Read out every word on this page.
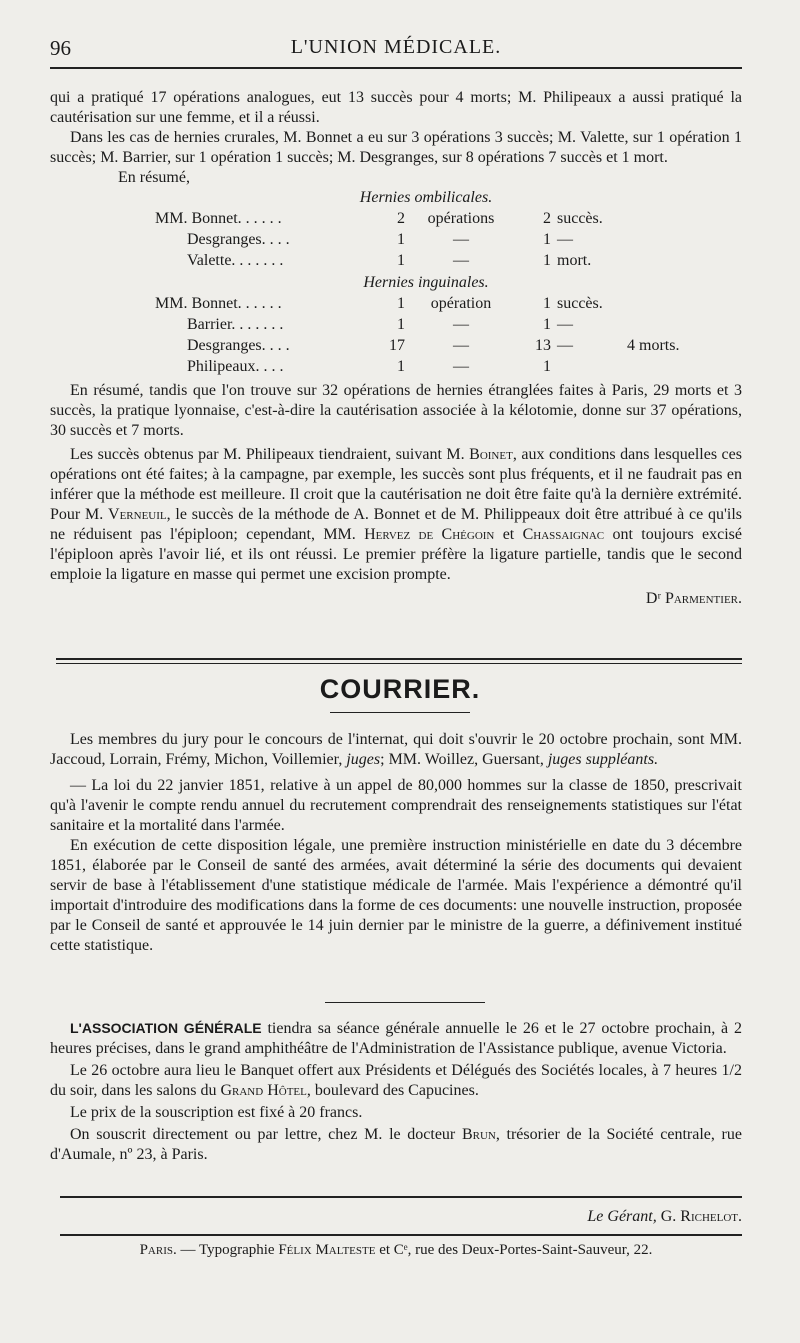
96	L'UNION MÉDICALE.

qui a pratiqué 17 opérations analogues, eut 13 succès pour 4 morts; M. Philipeaux a aussi pratiqué la cautérisation sur une femme, et il a réussi.

Dans les cas de hernies crurales, M. Bonnet a eu sur 3 opérations 3 succès; M. Valette, sur 1 opération 1 succès; M. Barrier, sur 1 opération 1 succès; M. Desgranges, sur 8 opérations 7 succès et 1 mort.

En résumé,

Hernies ombilicales.
MM. Bonnet. . . . . .	2	opérations	2	succès.
Desgranges. . . .	1	—	1	—
Valette. . . . . . .	1	—	1	mort.
Hernies inguinales.
MM. Bonnet. . . . . .	1	opération	1	succès.	
Barrier. . . . . . .	1	—	1	—	
Desgranges. . . .	17	—	13	—	4 morts.
Philipeaux. . . .	1	—	1		

En résumé, tandis que l'on trouve sur 32 opérations de hernies étranglées faites à Paris, 29 morts et 3 succès, la pratique lyonnaise, c'est-à-dire la cautérisation associée à la kélotomie, donne sur 37 opérations, 30 succès et 7 morts.

Les succès obtenus par M. Philipeaux tiendraient, suivant M. Boinet, aux conditions dans lesquelles ces opérations ont été faites; à la campagne, par exemple, les succès sont plus fréquents, et il ne faudrait pas en inférer que la méthode est meilleure. Il croit que la cautérisation ne doit être faite qu'à la dernière extrémité. Pour M. Verneuil, le succès de la méthode de A. Bonnet et de M. Philippeaux doit être attribué à ce qu'ils ne réduisent pas l'épiploon; cependant, MM. Hervez de Chégoin et Chassaignac ont toujours excisé l'épiploon après l'avoir lié, et ils ont réussi. Le premier préfère la ligature partielle, tandis que le second emploie la ligature en masse qui permet une excision prompte.

Dʳ Parmentier.

COURRIER.

Les membres du jury pour le concours de l'internat, qui doit s'ouvrir le 20 octobre prochain, sont MM. Jaccoud, Lorrain, Frémy, Michon, Voillemier, juges; MM. Woillez, Guersant, juges suppléants.

— La loi du 22 janvier 1851, relative à un appel de 80,000 hommes sur la classe de 1850, prescrivait qu'à l'avenir le compte rendu annuel du recrutement comprendrait des renseignements statistiques sur l'état sanitaire et la mortalité dans l'armée.

En exécution de cette disposition légale, une première instruction ministérielle en date du 3 décembre 1851, élaborée par le Conseil de santé des armées, avait déterminé la série des documents qui devaient servir de base à l'établissement d'une statistique médicale de l'armée. Mais l'expérience a démontré qu'il importait d'introduire des modifications dans la forme de ces documents: une nouvelle instruction, proposée par le Conseil de santé et approuvée le 14 juin dernier par le ministre de la guerre, a définivement institué cette statistique.

L'ASSOCIATION GÉNÉRALE tiendra sa séance générale annuelle le 26 et le 27 octobre prochain, à 2 heures précises, dans le grand amphithéâtre de l'Administration de l'Assistance publique, avenue Victoria.

Le 26 octobre aura lieu le Banquet offert aux Présidents et Délégués des Sociétés locales, à 7 heures 1/2 du soir, dans les salons du Grand Hôtel, boulevard des Capucines.

Le prix de la souscription est fixé à 20 francs.

On souscrit directement ou par lettre, chez M. le docteur Brun, trésorier de la Société centrale, rue d'Aumale, nº 23, à Paris.

Le Gérant, G. Richelot.
Paris. — Typographie Félix Malteste et Cᵉ, rue des Deux-Portes-Saint-Sauveur, 22.
